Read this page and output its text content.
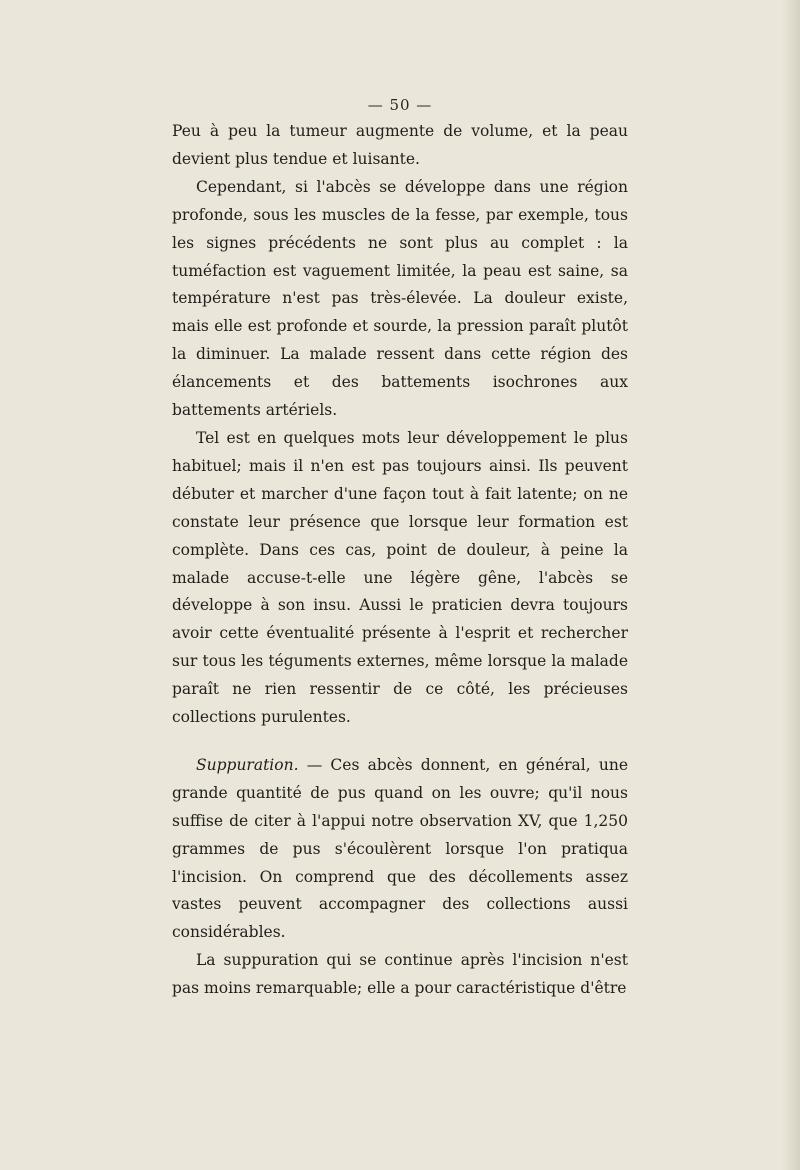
— 50 —

Peu à peu la tumeur augmente de volume, et la peau devient plus tendue et luisante.

Cependant, si l'abcès se développe dans une région profonde, sous les muscles de la fesse, par exemple, tous les signes précédents ne sont plus au complet : la tuméfaction est vaguement limitée, la peau est saine, sa température n'est pas très-élevée. La douleur existe, mais elle est profonde et sourde, la pression paraît plutôt la diminuer. La malade ressent dans cette région des élancements et des battements isochrones aux battements artériels.

Tel est en quelques mots leur développement le plus habituel; mais il n'en est pas toujours ainsi. Ils peuvent débuter et marcher d'une façon tout à fait latente; on ne constate leur présence que lorsque leur formation est complète. Dans ces cas, point de douleur, à peine la malade accuse-t-elle une légère gêne, l'abcès se développe à son insu. Aussi le praticien devra toujours avoir cette éventualité présente à l'esprit et rechercher sur tous les téguments externes, même lorsque la malade paraît ne rien ressentir de ce côté, les précieuses collections purulentes.

Suppuration. — Ces abcès donnent, en général, une grande quantité de pus quand on les ouvre; qu'il nous suffise de citer à l'appui notre observation XV, que 1,250 grammes de pus s'écoulèrent lorsque l'on pratiqua l'incision. On comprend que des décollements assez vastes peuvent accompagner des collections aussi considérables.

La suppuration qui se continue après l'incision n'est pas moins remarquable; elle a pour caractéristique d'être
